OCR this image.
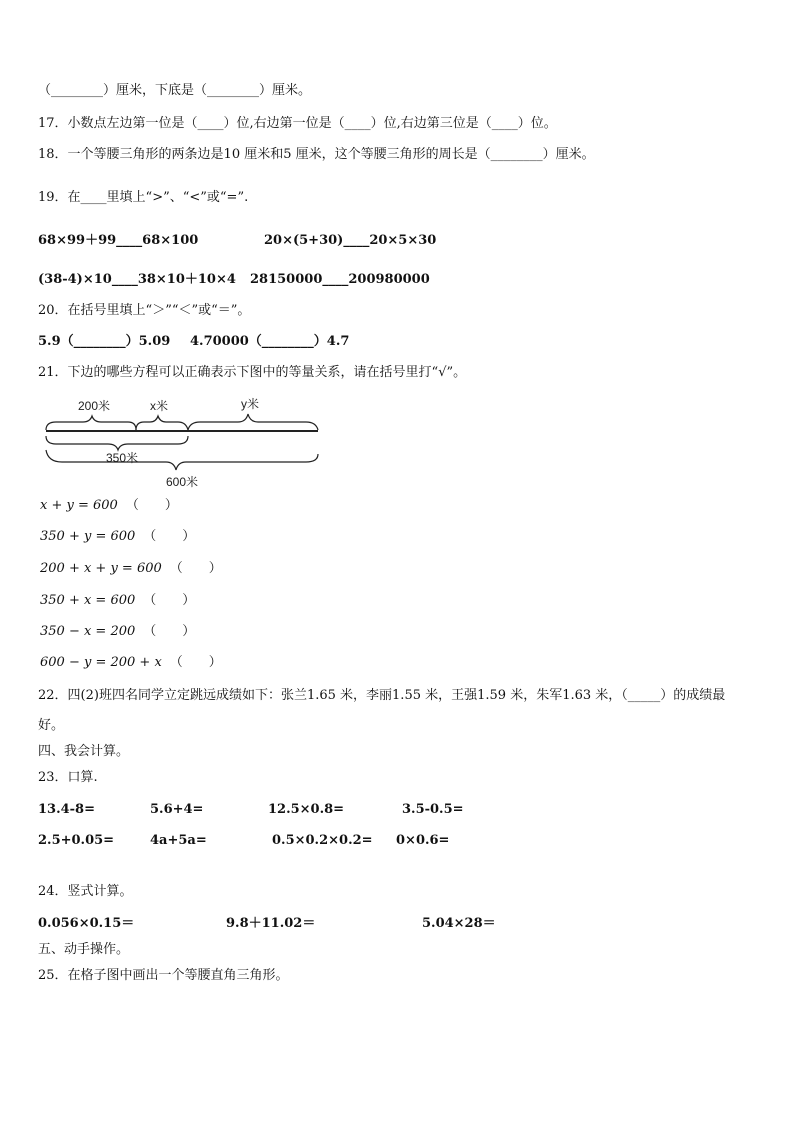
（________）厘米，下底是（________）厘米。
17．小数点左边第一位是（____）位,右边第一位是（____）位,右边第三位是（____）位。
18．一个等腰三角形的两条边是10 厘米和5 厘米，这个等腰三角形的周长是（________）厘米。
19．在____里填上“>”、“<”或“=”.
68×99＋99____68×100	20×(5+30)____20×5×30
(38-4)×10____38×10＋10×4 28150000____200980000
20．在括号里填上“＞”“＜”或“＝”。
5.9（________）5.09 4.70000（________）4.7
21．下边的哪些方程可以正确表示下图中的等量关系，请在括号里打“√”。
200米	x米	y米
350米
600米
x + y = 600 （　　）
350 + y = 600 （　　）
200 + x + y = 600 （　　）
350 + x = 600 （　　）
350 − x = 200 （　　）
600 − y = 200 + x （　　）
22．四(2)班四名同学立定跳远成绩如下：张兰1.65 米，李丽1.55 米，王强1.59 米，朱军1.63 米，（_____）的成绩最
好。
四、我会计算。
23．口算.
13.4-8=	5.6+4=	12.5×0.8=	3.5-0.5=
2.5+0.05=	4a+5a=	0.5×0.2×0.2= 0×0.6=
24．竖式计算。
0.056×0.15＝	9.8＋11.02＝	5.04×28＝
五、动手操作。
25．在格子图中画出一个等腰直角三角形。
